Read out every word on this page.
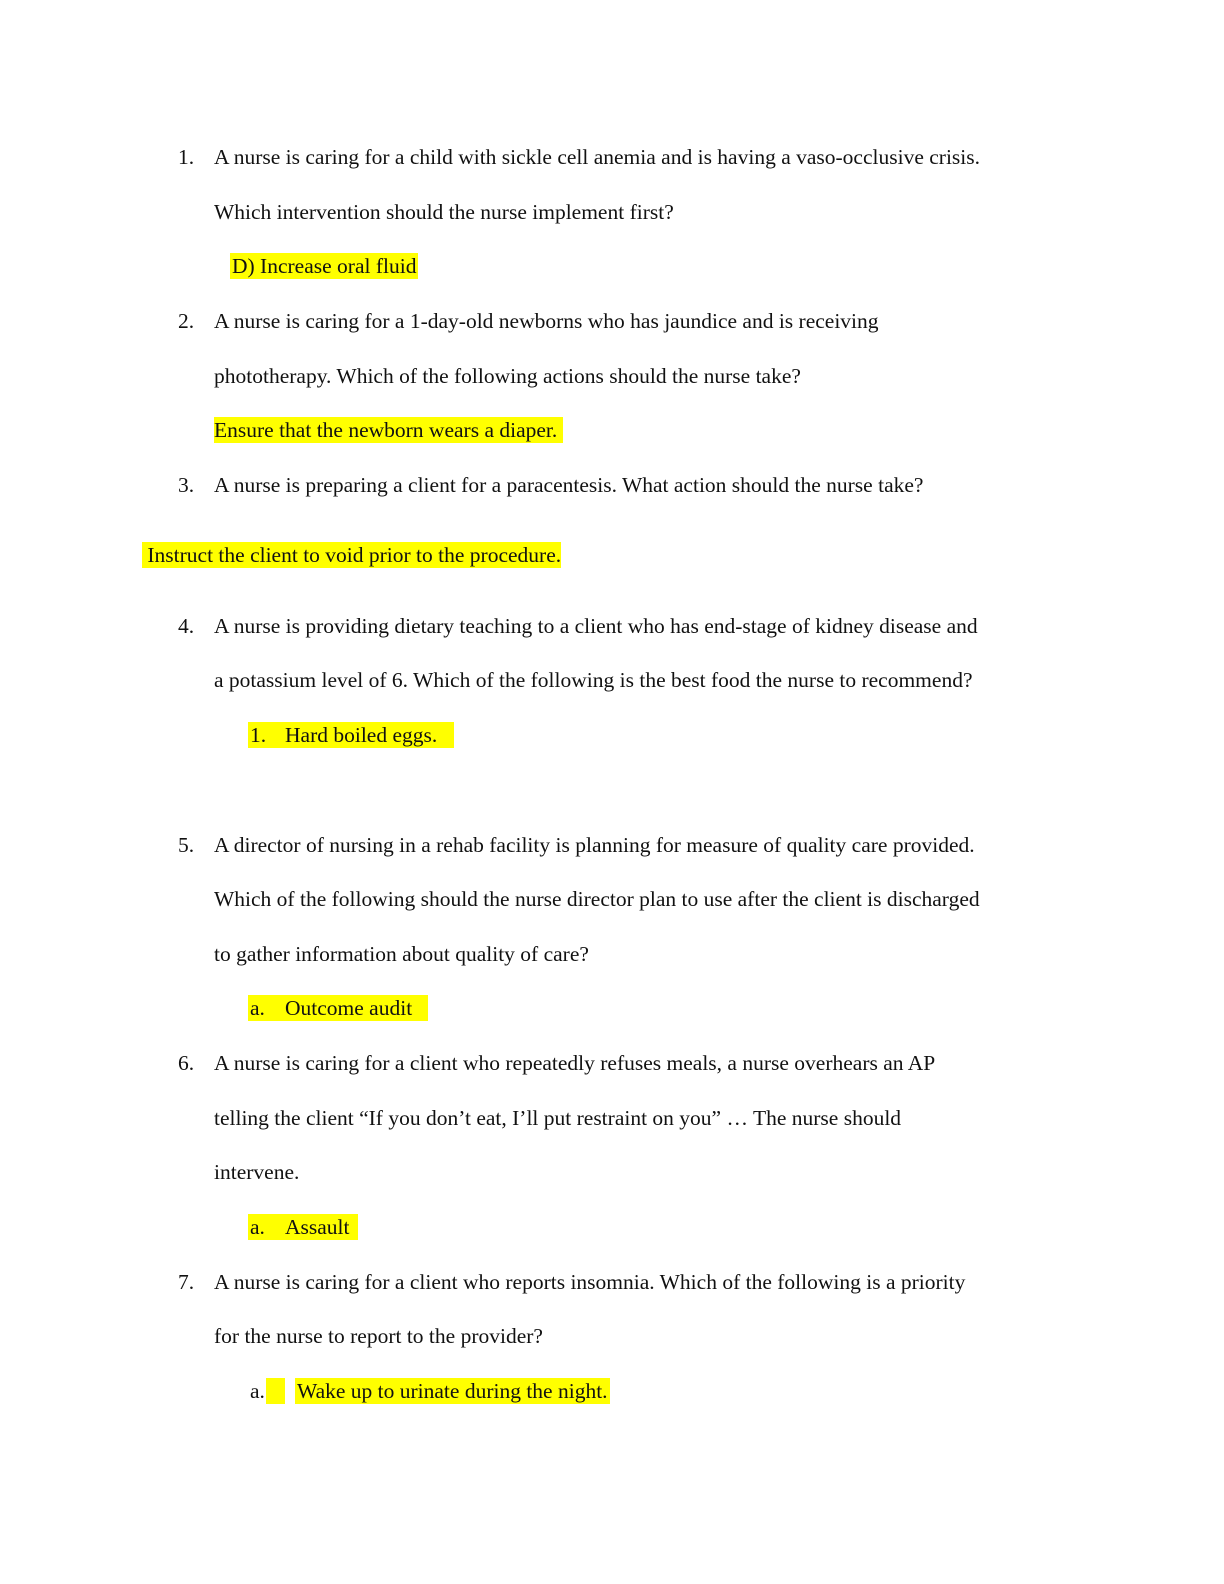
1. A nurse is caring for a child with sickle cell anemia and is having a vaso-occlusive crisis.
Which intervention should the nurse implement first?
D) Increase oral fluid
2. A nurse is caring for a 1-day-old newborns who has jaundice and is receiving
phototherapy. Which of the following actions should the nurse take?
Ensure that the newborn wears a diaper.
3. A nurse is preparing a client for a paracentesis. What action should the nurse take?
Instruct the client to void prior to the procedure.
4. A nurse is providing dietary teaching to a client who has end-stage of kidney disease and
a potassium level of 6. Which of the following is the best food the nurse to recommend?
1. Hard boiled eggs.
5. A director of nursing in a rehab facility is planning for measure of quality care provided.
Which of the following should the nurse director plan to use after the client is discharged
to gather information about quality of care?
a. Outcome audit
6. A nurse is caring for a client who repeatedly refuses meals, a nurse overhears an AP
telling the client “If you don’t eat, I’ll put restraint on you” … The nurse should
intervene.
a. Assault
7. A nurse is caring for a client who reports insomnia. Which of the following is a priority
for the nurse to report to the provider?
a. Wake up to urinate during the night.
